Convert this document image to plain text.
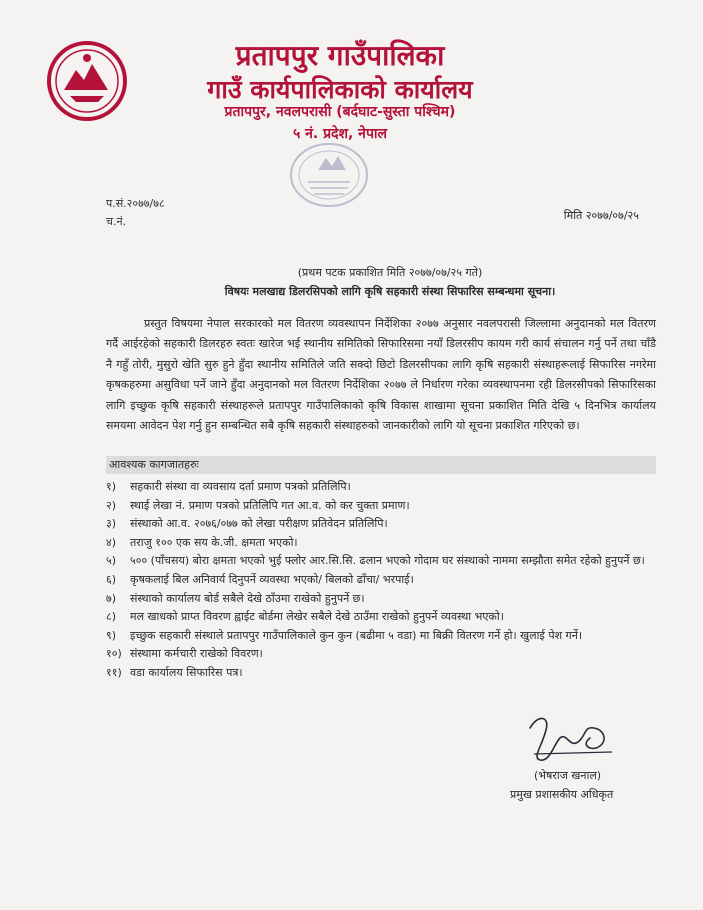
प्रतापपुर गाउँपालिका
गाउँ कार्यपालिकाको कार्यालय
प्रतापपुर, नवलपरासी (बर्दघाट-सुस्ता पश्चिम)
५ नं. प्रदेश, नेपाल
प.सं.२०७७/७८
च.नं.	मिति २०७७/०७/२५
(प्रथम पटक प्रकाशित मिति २०७७/०७/२५ गते)
विषयः मलखाद्य डिलरसिपको लागि कृषि सहकारी संस्था सिफारिस सम्बन्धमा सूचना।
प्रस्तुत विषयमा नेपाल सरकारको मल वितरण व्यवस्थापन निर्देशिका २०७७ अनुसार नवलपरासी जिल्लामा अनुदानको मल वितरण गर्दै आईरहेको सहकारी डिलरहरु स्वतः खारेज भई स्थानीय समितिको सिफारिसमा नयाँ डिलरसीप कायम गरी कार्य संचालन गर्नु पर्ने तथा चाँडै नै गहुँ तोरी, मुसुरो खेति सुरु हुने हुँदा स्थानीय समितिले जति सक्दो छिटो डिलरसीपका लागि कृषि सहकारी संस्थाहरूलाई सिफारिस नगरेमा कृषकहरुमा असुविधा पर्ने जाने हुँदा अनुदानको मल वितरण निर्देशिका २०७७ ले निर्धारण गरेका व्यवस्थापनमा रही डिलरसीपको सिफारिसका लागि इच्छुक कृषि सहकारी संस्थाहरूले प्रतापपुर गाउँपालिकाको कृषि विकास शाखामा सूचना प्रकाशित मिति देखि ५ दिनभित्र कार्यालय समयमा आवेदन पेश गर्नु हुन सम्बन्धित सबै कृषि सहकारी संस्थाहरुको जानकारीको लागि यो सूचना प्रकाशित गरिएको छ।
आवश्यक कागजातहरुः
१)	सहकारी संस्था वा व्यवसाय दर्ता प्रमाण पत्रको प्रतिलिपि।
२)	स्थाई लेखा नं. प्रमाण पत्रको प्रतिलिपि गत आ.व. को कर चुक्ता प्रमाण।
३)	संस्थाको आ.व. २०७६/०७७ को लेखा परीक्षण प्रतिवेदन प्रतिलिपि।
४)	तराजु १०० एक सय के.जी. क्षमता भएको।
५)	५०० (पाँचसय) बोरा क्षमता भएको भुई फ्लोर आर.सि.सि. ढलान भएको गोदाम घर संस्थाको नाममा सम्झौता समेत रहेको हुनुपर्ने छ।
६)	कृषकलाई बिल अनिवार्य दिनुपर्ने व्यवस्था भएको/ बिलको ढाँचा/ भरपाई।
७)	संस्थाको कार्यालय बोर्ड सबैले देखे ठाँउमा राखेको हुनुपर्ने छ।
८)	मल खाधको प्राप्त विवरण ह्वाईट बोर्डमा लेखेर सबैले देखे ठाउँमा राखेको हुनुपर्ने व्यवस्था भएको।
९)	इच्छुक सहकारी संस्थाले प्रतापपुर गाउँपालिकाले कुन कुन (बढीमा ५ वडा) मा बिक्री वितरण गर्ने हो। खुलाई पेश गर्ने।
१०) संस्थामा कर्मचारी राखेको विवरण।
११) वडा कार्यालय सिफारिस पत्र।
(भेषराज खनाल)
प्रमुख प्रशासकीय अधिकृत
